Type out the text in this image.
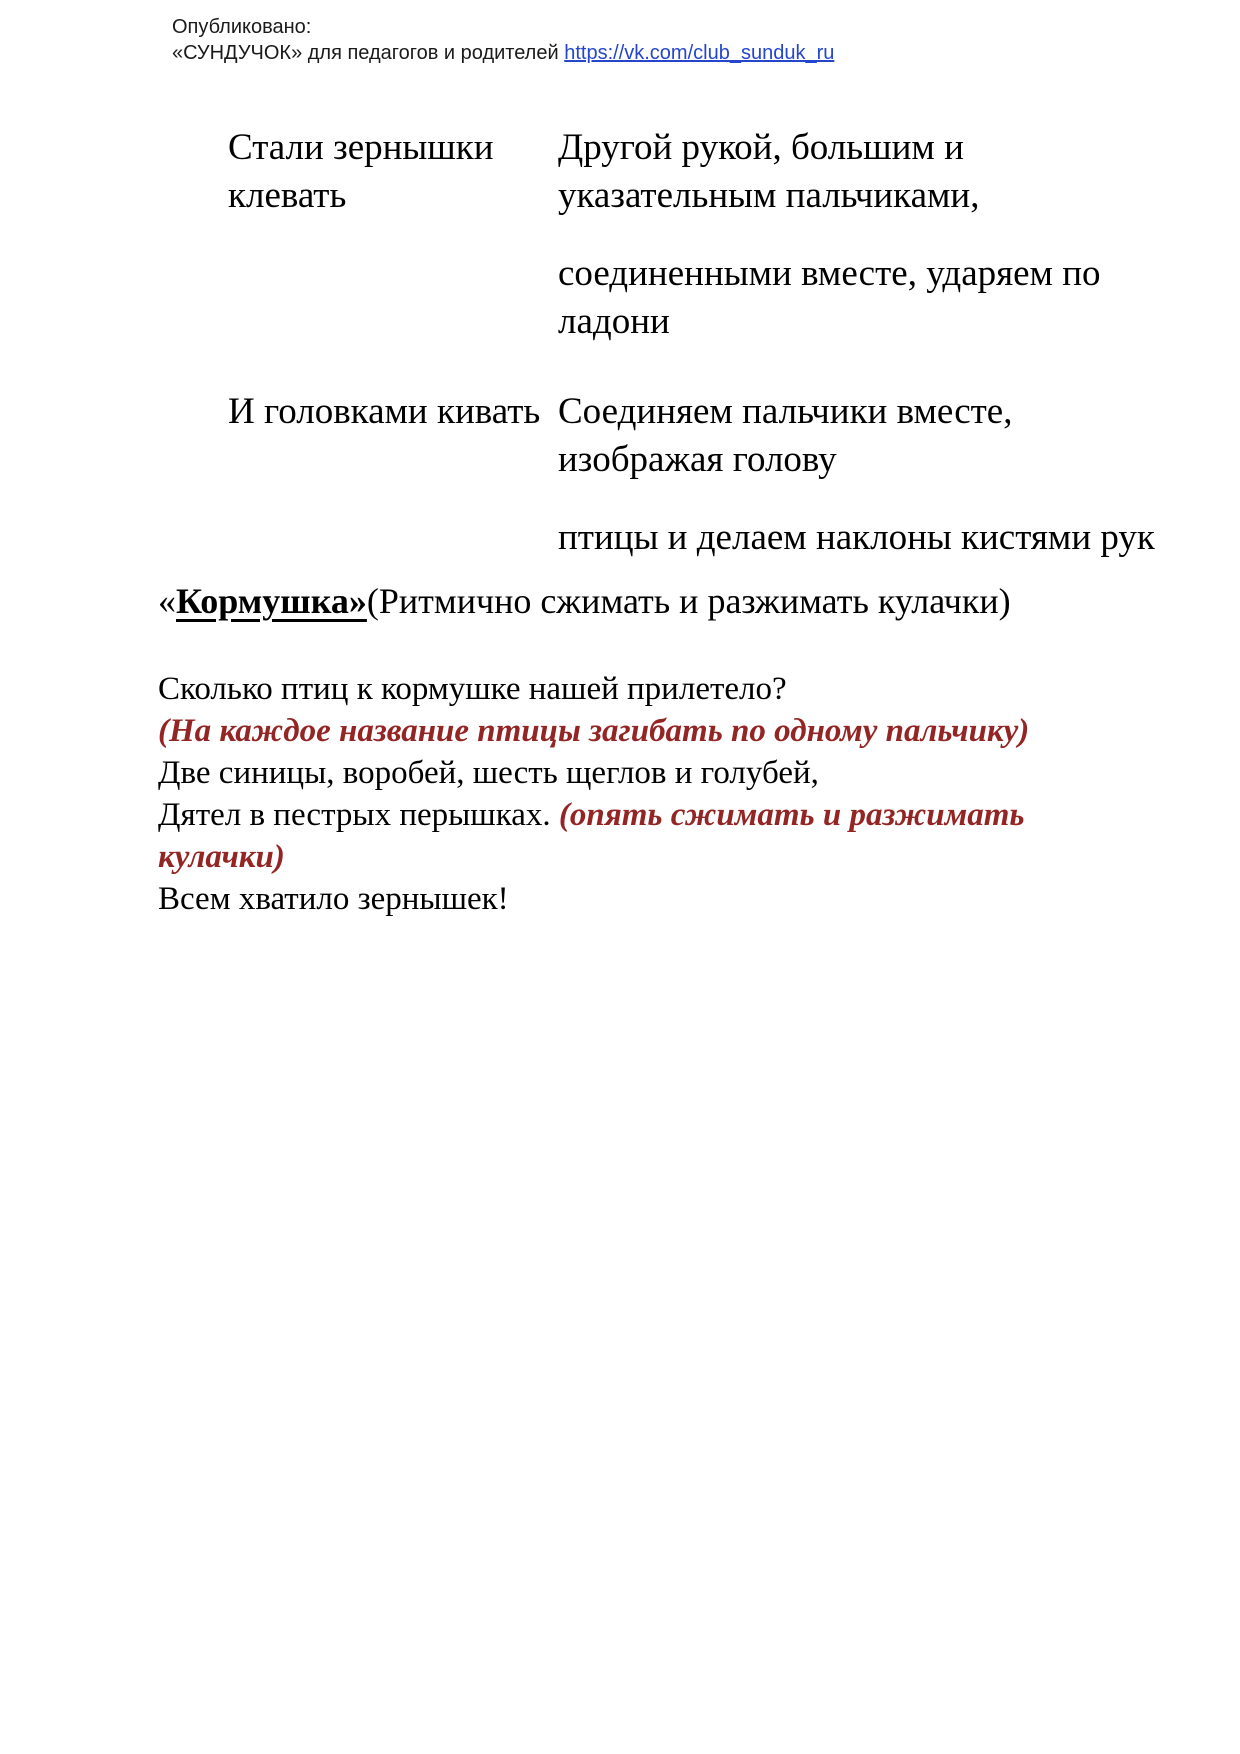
Опубликовано:
«СУНДУЧОК» для педагогов и родителей https://vk.com/club_sunduk_ru
Стали зернышки клевать

Другой рукой, большим и указательным пальчиками,

соединенными вместе, ударяем по ладони

И головками кивать Соединяем пальчики вместе, изображая голову

птицы и делаем наклоны кистями рук

«Кормушка»(Ритмично сжимать и разжимать кулачки)
Сколько птиц к кормушке нашей прилетело?
(На каждое название птицы загибать по одному пальчику)
Две синицы, воробей, шесть щеглов и голубей,
Дятел в пестрых перышках. (опять сжимать и разжимать кулачки)
Всем хватило зернышек!
